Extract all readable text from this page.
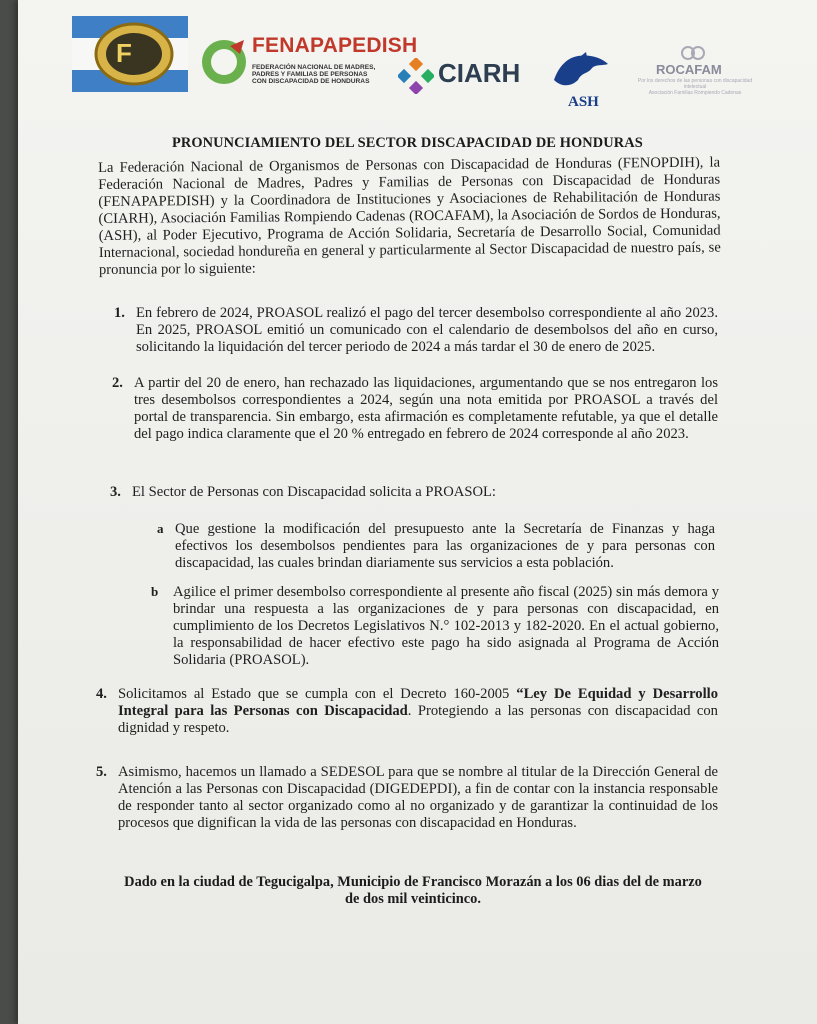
F	FENAPAPEDISH
FEDERACIÓN NACIONAL DE MADRES,
PADRES Y FAMILIAS DE PERSONAS
CON DISCAPACIDAD DE HONDURAS	CIARH
ASH
ROCAFAM
Por los derechos de las personas con discapacidad intelectual
Asociación Familias Rompiendo Cadenas
PRONUNCIAMIENTO DEL SECTOR DISCAPACIDAD DE HONDURAS
La Federación Nacional de Organismos de Personas con Discapacidad de Honduras (FENOPDIH), la Federación Nacional de Madres, Padres y Familias de Personas con Discapacidad de Honduras (FENAPAPEDISH) y la Coordinadora de Instituciones y Asociaciones de Rehabilitación de Honduras (CIARH), Asociación Familias Rompiendo Cadenas (ROCAFAM), la Asociación de Sordos de Honduras, (ASH), al Poder Ejecutivo, Programa de Acción Solidaria, Secretaría de Desarrollo Social, Comunidad Internacional, sociedad hondureña en general y particularmente al Sector Discapacidad de nuestro país, se pronuncia por lo siguiente:
1. En febrero de 2024, PROASOL realizó el pago del tercer desembolso correspondiente al año 2023. En 2025, PROASOL emitió un comunicado con el calendario de desembolsos del año en curso, solicitando la liquidación del tercer periodo de 2024 a más tardar el 30 de enero de 2025.
2. A partir del 20 de enero, han rechazado las liquidaciones, argumentando que se nos entregaron los tres desembolsos correspondientes a 2024, según una nota emitida por PROASOL a través del portal de transparencia. Sin embargo, esta afirmación es completamente refutable, ya que el detalle del pago indica claramente que el 20 % entregado en febrero de 2024 corresponde al año 2023.
3. El Sector de Personas con Discapacidad solicita a PROASOL:
a Que gestione la modificación del presupuesto ante la Secretaría de Finanzas y haga efectivos los desembolsos pendientes para las organizaciones de y para personas con discapacidad, las cuales brindan diariamente sus servicios a esta población.
b Agilice el primer desembolso correspondiente al presente año fiscal (2025) sin más demora y brindar una respuesta a las organizaciones de y para personas con discapacidad, en cumplimiento de los Decretos Legislativos N.° 102-2013 y 182-2020. En el actual gobierno, la responsabilidad de hacer efectivo este pago ha sido asignada al Programa de Acción Solidaria (PROASOL).
4. Solicitamos al Estado que se cumpla con el Decreto 160-2005 “Ley De Equidad y Desarrollo Integral para las Personas con Discapacidad. Protegiendo a las personas con discapacidad con dignidad y respeto.
5. Asimismo, hacemos un llamado a SEDESOL para que se nombre al titular de la Dirección General de Atención a las Personas con Discapacidad (DIGEDEPDI), a fin de contar con la instancia responsable de responder tanto al sector organizado como al no organizado y de garantizar la continuidad de los procesos que dignifican la vida de las personas con discapacidad en Honduras.
Dado en la ciudad de Tegucigalpa, Municipio de Francisco Morazán a los 06 dias del de marzo de dos mil veinticinco.
